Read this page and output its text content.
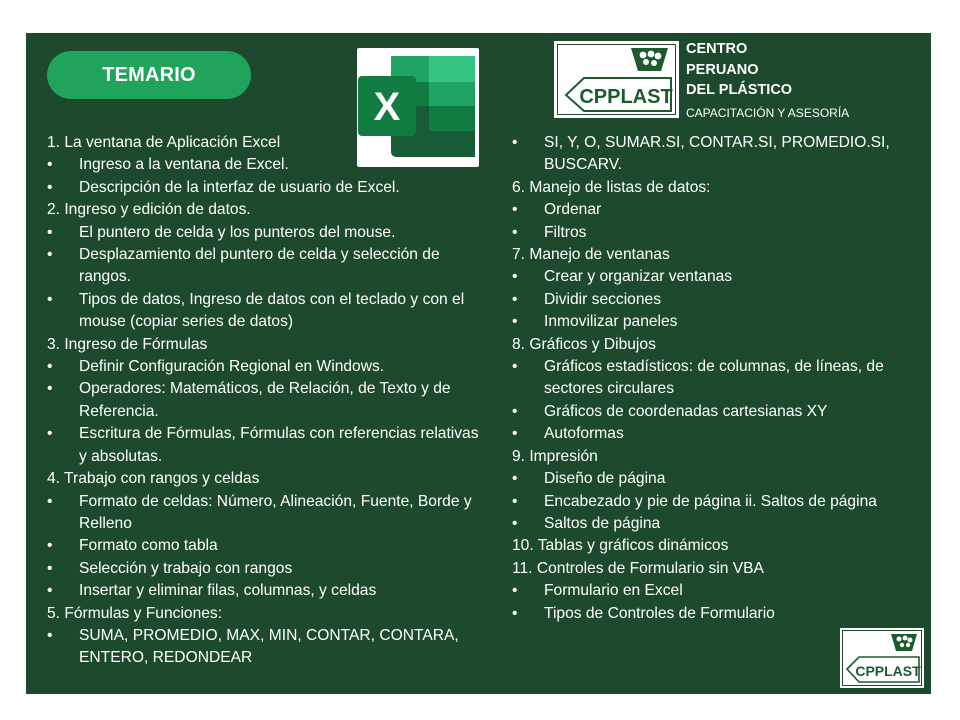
TEMARIO
X	CPPLAST
CENTRO
PERUANO
DEL PLÁSTICO
CAPACITACIÓN Y ASESORÍA
1. La ventana de Aplicación Excel
•	Ingreso a la ventana de Excel.
•	Descripción de la interfaz de usuario de Excel.
2. Ingreso y edición de datos.
•	El puntero de celda y los punteros del mouse.
•	Desplazamiento del puntero de celda y selección de rangos.
•	Tipos de datos, Ingreso de datos con el teclado y con el mouse (copiar series de datos)
3. Ingreso de Fórmulas
•	Definir Configuración Regional en Windows.
•	Operadores: Matemáticos, de Relación, de Texto y de Referencia.
•	Escritura de Fórmulas, Fórmulas con referencias relativas y absolutas.
4. Trabajo con rangos y celdas
•	Formato de celdas: Número, Alineación, Fuente, Borde y Relleno
•	Formato como tabla
•	Selección y trabajo con rangos
•	Insertar y eliminar filas, columnas, y celdas
5. Fórmulas y Funciones:
•	SUMA, PROMEDIO, MAX, MIN, CONTAR, CONTARA, ENTERO, REDONDEAR
•	SI, Y, O, SUMAR.SI, CONTAR.SI, PROMEDIO.SI, BUSCARV.
6. Manejo de listas de datos:
•	Ordenar
•	Filtros
7. Manejo de ventanas
•	Crear y organizar ventanas
•	Dividir secciones
•	Inmovilizar paneles
8. Gráficos y Dibujos
•	Gráficos estadísticos: de columnas, de líneas, de sectores circulares
•	Gráficos de coordenadas cartesianas XY
•	Autoformas
9. Impresión
•	Diseño de página
•	Encabezado y pie de página ii. Saltos de página
•	Saltos de página
10. Tablas y gráficos dinámicos
11. Controles de Formulario sin VBA
•	Formulario en Excel
•	Tipos de Controles de Formulario
CPPLAST
